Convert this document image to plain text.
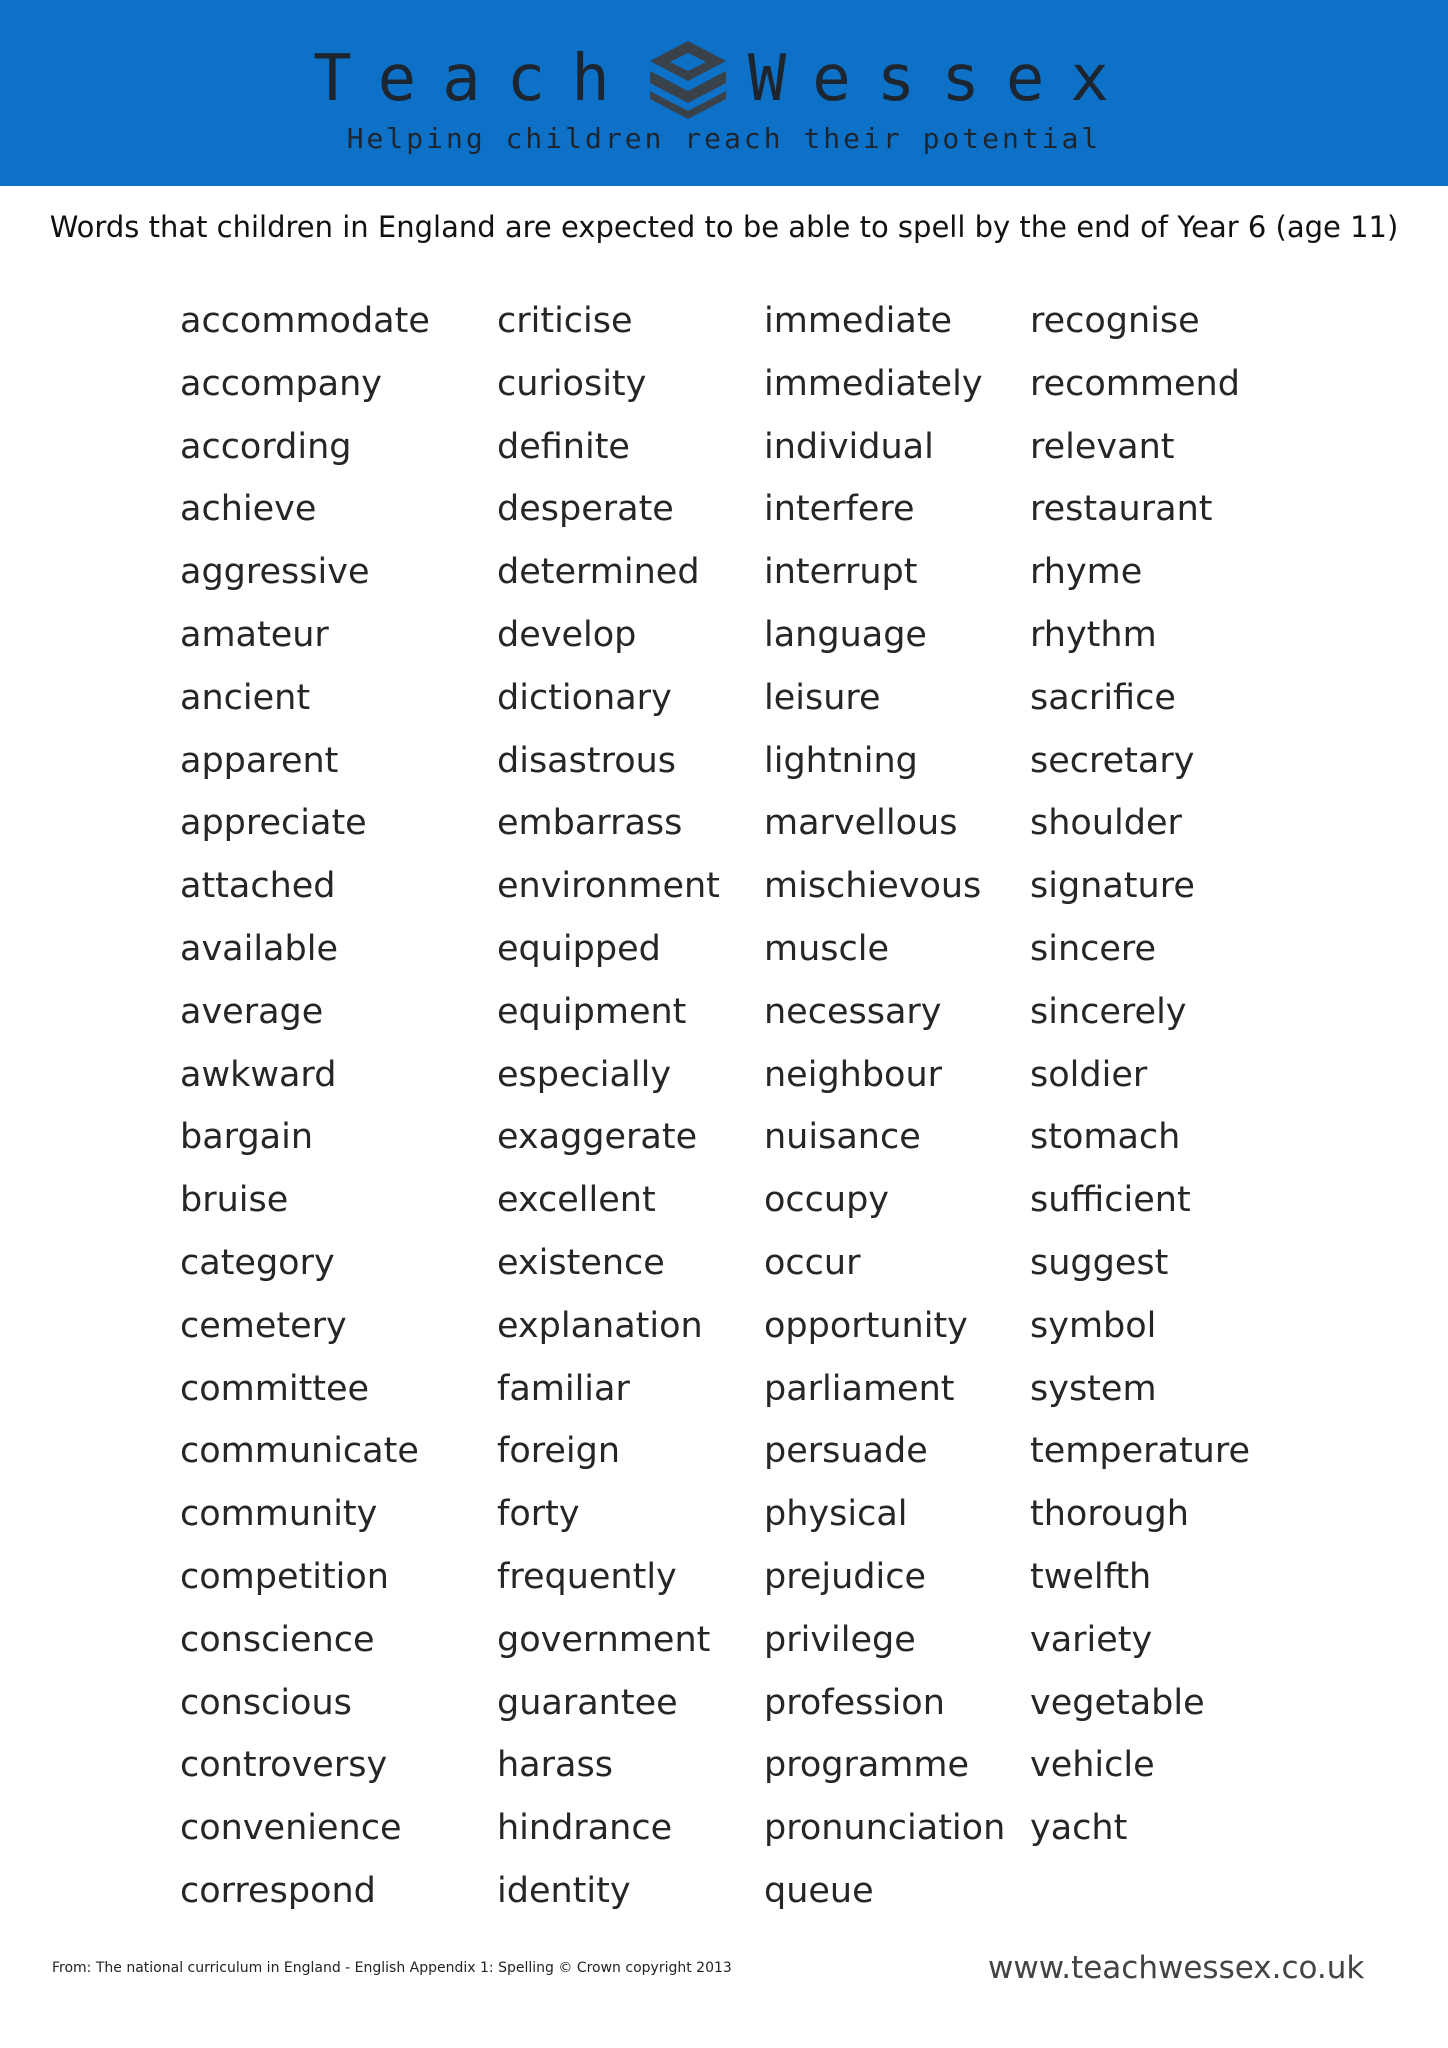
Teach Wessex
Helping children reach their potential
Words that children in England are expected to be able to spell by the end of Year 6 (age 11)
accommodate
accompany
according
achieve
aggressive
amateur
ancient
apparent
appreciate
attached
available
average
awkward
bargain
bruise
category
cemetery
committee
communicate
community
competition
conscience
conscious
controversy
convenience
correspond
criticise
curiosity
definite
desperate
determined
develop
dictionary
disastrous
embarrass
environment
equipped
equipment
especially
exaggerate
excellent
existence
explanation
familiar
foreign
forty
frequently
government
guarantee
harass
hindrance
identity
immediate
immediately
individual
interfere
interrupt
language
leisure
lightning
marvellous
mischievous
muscle
necessary
neighbour
nuisance
occupy
occur
opportunity
parliament
persuade
physical
prejudice
privilege
profession
programme
pronunciation
queue
recognise
recommend
relevant
restaurant
rhyme
rhythm
sacrifice
secretary
shoulder
signature
sincere
sincerely
soldier
stomach
sufficient
suggest
symbol
system
temperature
thorough
twelfth
variety
vegetable
vehicle
yacht
From: The national curriculum in England - English Appendix 1: Spelling © Crown copyright 2013	www.teachwessex.co.uk
